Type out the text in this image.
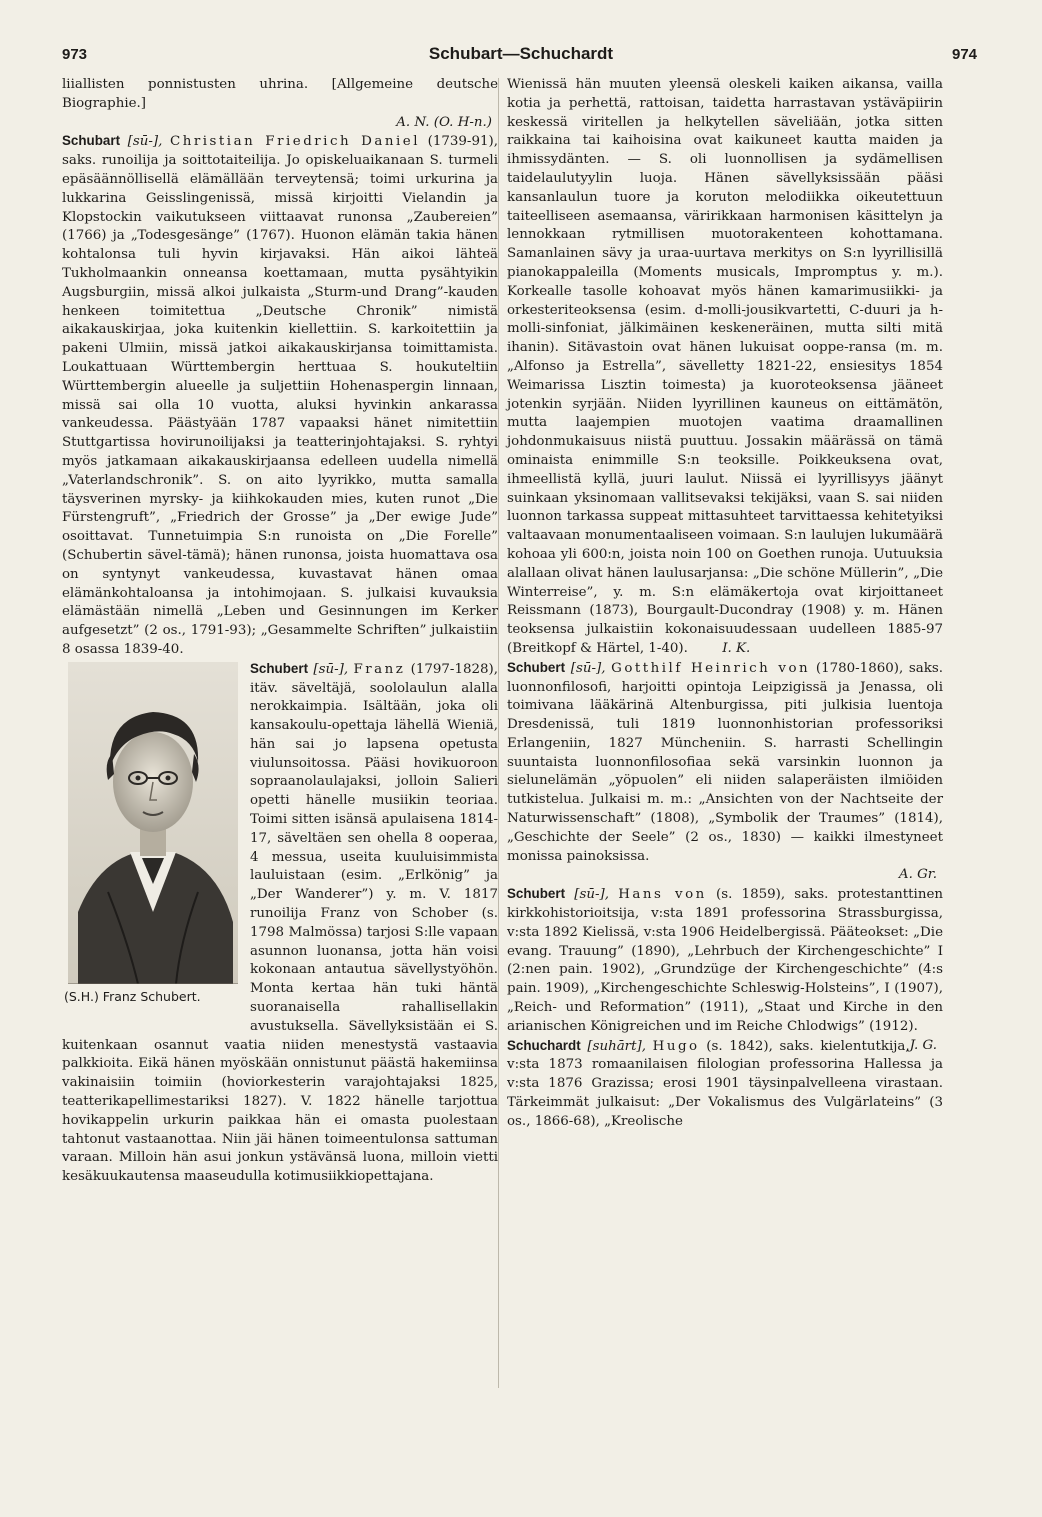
973	Schubart—Schuchardt	974

liiallisten ponnistusten uhrina. [Allgemeine deutsche Biographie.]
A. N. (O. H-n.)

Schubart [sū-], Christian Friedrich Daniel (1739-91), saks. runoilija ja soittotaiteilija. Jo opiskeluaikanaan S. turmeli epäsäännöllisellä elämällään terveytensä; toimi urkurina ja lukkarina Geisslingenissä, missä kirjoitti Vielandin ja Klopstockin vaikutukseen viittaavat runonsa „Zaubereien” (1766) ja „Todesgesänge” (1767). Huonon elämän takia hänen kohtalonsa tuli hyvin kirjavaksi. Hän aikoi lähteä Tukholmaankin onneansa koettamaan, mutta pysähtyikin Augsburgiin, missä alkoi julkaista „Sturm-und Drang”-kauden henkeen toimitettua „Deutsche Chronik” nimistä aikakauskirjaa, joka kuitenkin kiellettiin. S. karkoitettiin ja pakeni Ulmiin, missä jatkoi aikakauskirjansa toimittamista. Loukattuaan Württembergin herttuaa S. houkuteltiin Württembergin alueelle ja suljettiin Hohenaspergin linnaan, missä sai olla 10 vuotta, aluksi hyvinkin ankarassa vankeudessa. Päästyään 1787 vapaaksi hänet nimitettiin Stuttgartissa hovirunoilijaksi ja teatterinjohtajaksi. S. ryhtyi myös jatkamaan aikakauskirjaansa edelleen uudella nimellä „Vaterlandschronik”. S. on aito lyyrikko, mutta samalla täysverinen myrsky- ja kiihkokauden mies, kuten runot „Die Fürstengruft”, „Friedrich der Grosse” ja „Der ewige Jude” osoittavat. Tunnetuimpia S:n runoista on „Die Forelle” (Schubertin sävel-tämä); hänen runonsa, joista huomattava osa on syntynyt vankeudessa, kuvastavat hänen omaa elämänkohtaloansa ja intohimojaan. S. julkaisi kuvauksia elämästään nimellä „Leben und Gesinnungen im Kerker aufgesetzt” (2 os., 1791-93); „Gesammelte Schriften” julkaistiin 8 osassa 1839-40.

Schubert [sū-], Franz
(S.H.) Franz Schubert.
(1797-1828), itäv. säveltäjä, soololaulun alalla nerokkaimpia. Isältään, joka oli kansakoulu-opettaja lähellä Wieniä, hän sai jo lapsena opetusta viulunsoitossa. Pääsi hovikuoroon sopraanolaulajaksi, jolloin Salieri opetti hänelle musiikin teoriaa. Toimi sitten isänsä apulaisena 1814-17, säveltäen sen ohella 8 ooperaa, 4 messua, useita kuuluisimmista lauluistaan (esim. „Erlkönig” ja „Der Wanderer”) y. m. V. 1817 runoilija Franz von Schober (s. 1798 Malmössa) tarjosi S:lle vapaan asunnon luonansa, jotta hän voisi kokonaan antautua sävellystyöhön. Monta kertaa hän tuki häntä suoranaisella rahallisellakin avustuksella. Sävellyksistään ei S. kuitenkaan osannut vaatia niiden menestystä vastaavia palkkioita. Eikä hänen myöskään onnistunut päästä hakemiinsa vakinaisiin toimiin (hoviorkesterin varajohtajaksi 1825, teatterikapellimestariksi 1827). V. 1822 hänelle tarjottua hovikappelin urkurin paikkaa hän ei omasta puolestaan tahtonut vastaanottaa. Niin jäi hänen toimeentulonsa sattuman varaan. Milloin hän asui jonkun ystävänsä luona, milloin vietti kesäkuukautensa maaseudulla kotimusiikkiopettajana.

Wienissä hän muuten yleensä oleskeli kaiken aikansa, vailla kotia ja perhettä, rattoisan, taidetta harrastavan ystäväpiirin keskessä viritellen ja helkytellen säveliään, jotka sitten raikkaina tai kaihoisina ovat kaikuneet kautta maiden ja ihmissydänten. — S. oli luonnollisen ja sydämellisen taidelaulutyylin luoja. Hänen sävellyksissään pääsi kansanlaulun tuore ja koruton melodiikka oikeutettuun taiteelliseen asemaansa, väririkkaan harmonisen käsittelyn ja lennokkaan rytmillisen muotorakenteen kohottamana. Samanlainen sävy ja uraa-uurtava merkitys on S:n lyyrillisillä pianokappaleilla (Moments musicals, Impromptus y. m.). Korkealle tasolle kohoavat myös hänen kamarimusiikki- ja orkesteriteoksensa (esim. d-molli-jousikvartetti, C-duuri ja h-molli-sinfoniat, jälkimäinen keskeneräinen, mutta silti mitä ihanin). Sitävastoin ovat hänen lukuisat ooppe-ransa (m. m. „Alfonso ja Estrella”, sävelletty 1821-22, ensiesitys 1854 Weimarissa Lisztin toimesta) ja kuoroteoksensa jääneet jotenkin syrjään. Niiden lyyrillinen kauneus on eittämätön, mutta laajempien muotojen vaatima draamallinen johdonmukaisuus niistä puuttuu. Jossakin määrässä on tämä ominaista enimmille S:n teoksille. Poikkeuksena ovat, ihmeellistä kyllä, juuri laulut. Niissä ei lyyrillisyys jäänyt suinkaan yksinomaan vallitsevaksi tekijäksi, vaan S. sai niiden luonnon tarkassa suppeat mittasuhteet tarvittaessa kehitetyiksi valtaavaan monumentaaliseen voimaan. S:n laulujen lukumäärä kohoaa yli 600:n, joista noin 100 on Goethen runoja. Uutuuksia alallaan olivat hänen laulusarjansa: „Die schöne Müllerin”, „Die Winterreise”, y. m. S:n elämäkertoja ovat kirjoittaneet Reissmann (1873), Bourgault-Ducondray (1908) y. m. Hänen teoksensa julkaistiin kokonaisuudessaan uudelleen 1885-97 (Breitkopf & Härtel, 1-40).	I. K.

Schubert [sū-], Gotthilf Heinrich von (1780-1860), saks. luonnonfilosofi, harjoitti opintoja Leipzigissä ja Jenassa, oli toimivana lääkärinä Altenburgissa, piti julkisia luentoja Dresdenissä, tuli 1819 luonnonhistorian professoriksi Erlangeniin, 1827 Müncheniin. S. harrasti Schellingin suuntaista luonnonfilosofiaa sekä varsinkin luonnon ja sielunelämän „yöpuolen” eli niiden salaperäisten ilmiöiden tutkistelua. Julkaisi m. m.: „Ansichten von der Nachtseite der Naturwissenschaft” (1808), „Symbolik der Traumes” (1814), „Geschichte der Seele” (2 os., 1830) — kaikki ilmestyneet monissa painoksissa.
A. Gr.

Schubert [sū-], Hans von (s. 1859), saks. protestanttinen kirkkohistorioitsija, v:sta 1891 professorina Strassburgissa, v:sta 1892 Kielissä, v:sta 1906 Heidelbergissä. Pääteokset: „Die evang. Trauung” (1890), „Lehrbuch der Kirchengeschichte” I (2:nen pain. 1902), „Grundzüge der Kirchengeschichte” (4:s pain. 1909), „Kirchengeschichte Schleswig-Holsteins”, I (1907), „Reich- und Reformation” (1911), „Staat und Kirche in den arianischen Königreichen und im Reiche Chlodwigs” (1912).
J. G.

Schuchardt [suhārt], Hugo (s. 1842), saks. kielentutkija, v:sta 1873 romaanilaisen filologian professorina Hallessa ja v:sta 1876 Grazissa; erosi 1901 täysinpalvelleena virastaan. Tärkeimmät julkaisut: „Der Vokalismus des Vulgärlateins” (3 os., 1866-68), „Kreolische
